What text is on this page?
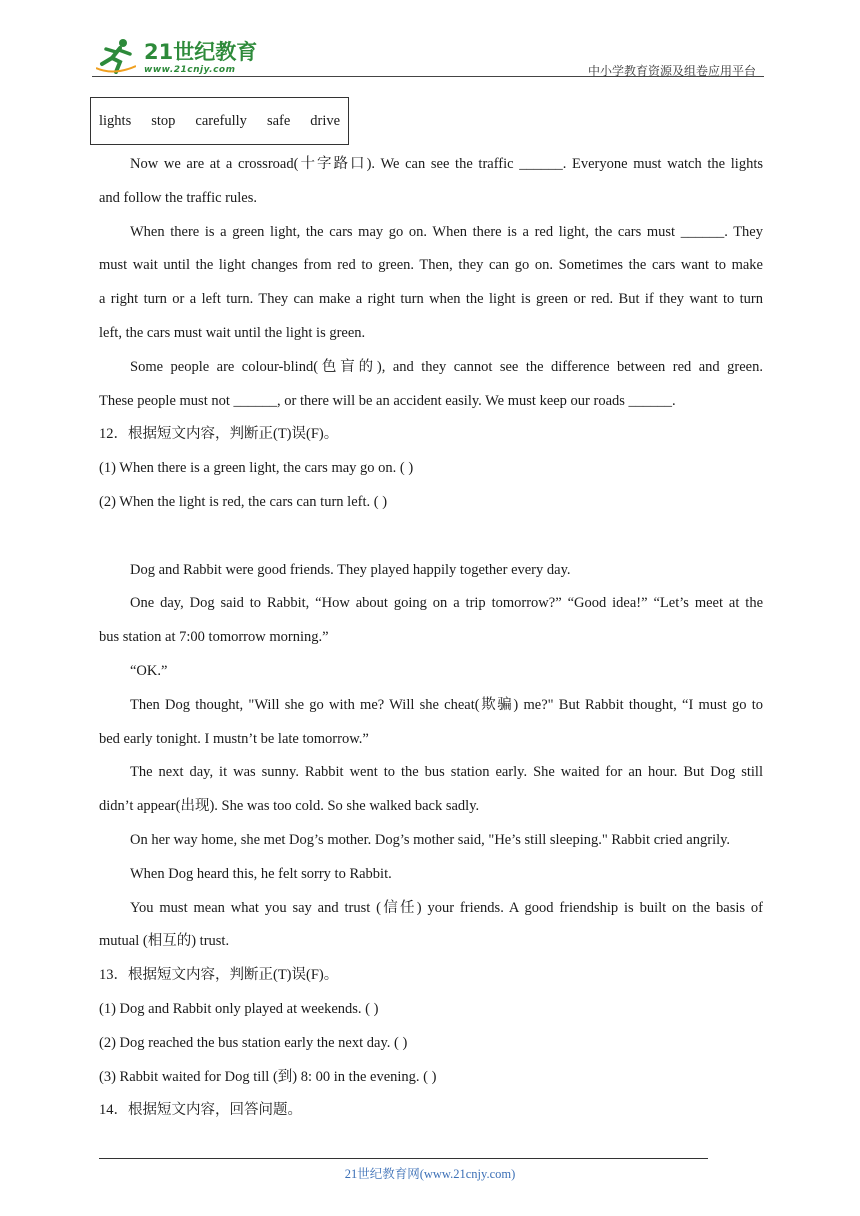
21世纪教育
www.21cnjy.com	中小学教育资源及组卷应用平台
lights stop carefully safe drive
Now we are at a crossroad(十字路口). We can see the traffic ______. Everyone must watch the lights
and follow the traffic rules.
When there is a green light, the cars may go on. When there is a red light, the cars must ______. They
must wait until the light changes from red to green. Then, they can go on. Sometimes the cars want to make
a right turn or a left turn. They can make a right turn when the light is green or red. But if they want to turn
left, the cars must wait until the light is green.
Some people are colour-blind(色盲的), and they cannot see the difference between red and green.
These people must not ______, or there will be an accident easily. We must keep our roads ______.
12．根据短文内容，判断正(T)误(F)。
(1) When there is a green light, the cars may go on. ( )
(2) When the light is red, the cars can turn left. ( )
Dog and Rabbit were good friends. They played happily together every day.
One day, Dog said to Rabbit, “How about going on a trip tomorrow?” “Good idea!” “Let’s meet at the
bus station at 7:00 tomorrow morning.”
“OK.”
Then Dog thought, "Will she go with me? Will she cheat(欺骗) me?" But Rabbit thought, “I must go to
bed early tonight. I mustn’t be late tomorrow.”
The next day, it was sunny. Rabbit went to the bus station early. She waited for an hour. But Dog still
didn’t appear(出现). She was too cold. So she walked back sadly.
On her way home, she met Dog’s mother. Dog’s mother said, "He’s still sleeping." Rabbit cried angrily.
When Dog heard this, he felt sorry to Rabbit.
You must mean what you say and trust (信任) your friends. A good friendship is built on the basis of
mutual (相互的) trust.
13．根据短文内容，判断正(T)误(F)。
(1) Dog and Rabbit only played at weekends. ( )
(2) Dog reached the bus station early the next day. ( )
(3) Rabbit waited for Dog till (到) 8: 00 in the evening. ( )
14．根据短文内容，回答问题。
21世纪教育网(www.21cnjy.com)
